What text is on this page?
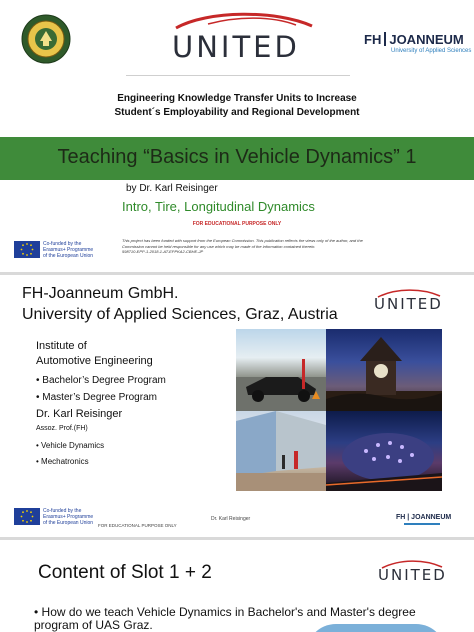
UNITED	FH JOANNEUM
University of Applied Sciences
Engineering Knowledge Transfer Units to Increase
Student´s Employability and Regional Development
Teaching “Basics in Vehicle Dynamics” 1
by Dr. Karl Reisinger
Intro, Tire, Longitudinal Dynamics
FOR EDUCATIONAL PURPOSE ONLY
Co-funded by the
Erasmus+ Programme
of the European Union
This project has been funded with support from the European Commission. This publication reflects the views only of the author, and the
Commission cannot be held responsible for any use which may be made of the information contained therein.
598710-EPP-1-2018-1-AT-EPPKA2-CBHE-JP
FH-Joanneum GmbH.
University of Applied Sciences, Graz, Austria
UNITED
Institute of
Automotive Engineering
• Bachelor’s Degree Program
• Master’s Degree Program
Dr. Karl Reisinger
Assoz. Prof.(FH)
• Vehicle Dynamics
• Mechatronics
Co-funded by the
Erasmus+ Programme
of the European Union FOR EDUCATIONAL PURPOSE ONLY
Dr. Karl Reisinger	FH | JOANNEUM
Content of Slot 1 + 2	UNITED
• How do we teach Vehicle Dynamics in Bachelor's and Master's degree program of UAS Graz.
